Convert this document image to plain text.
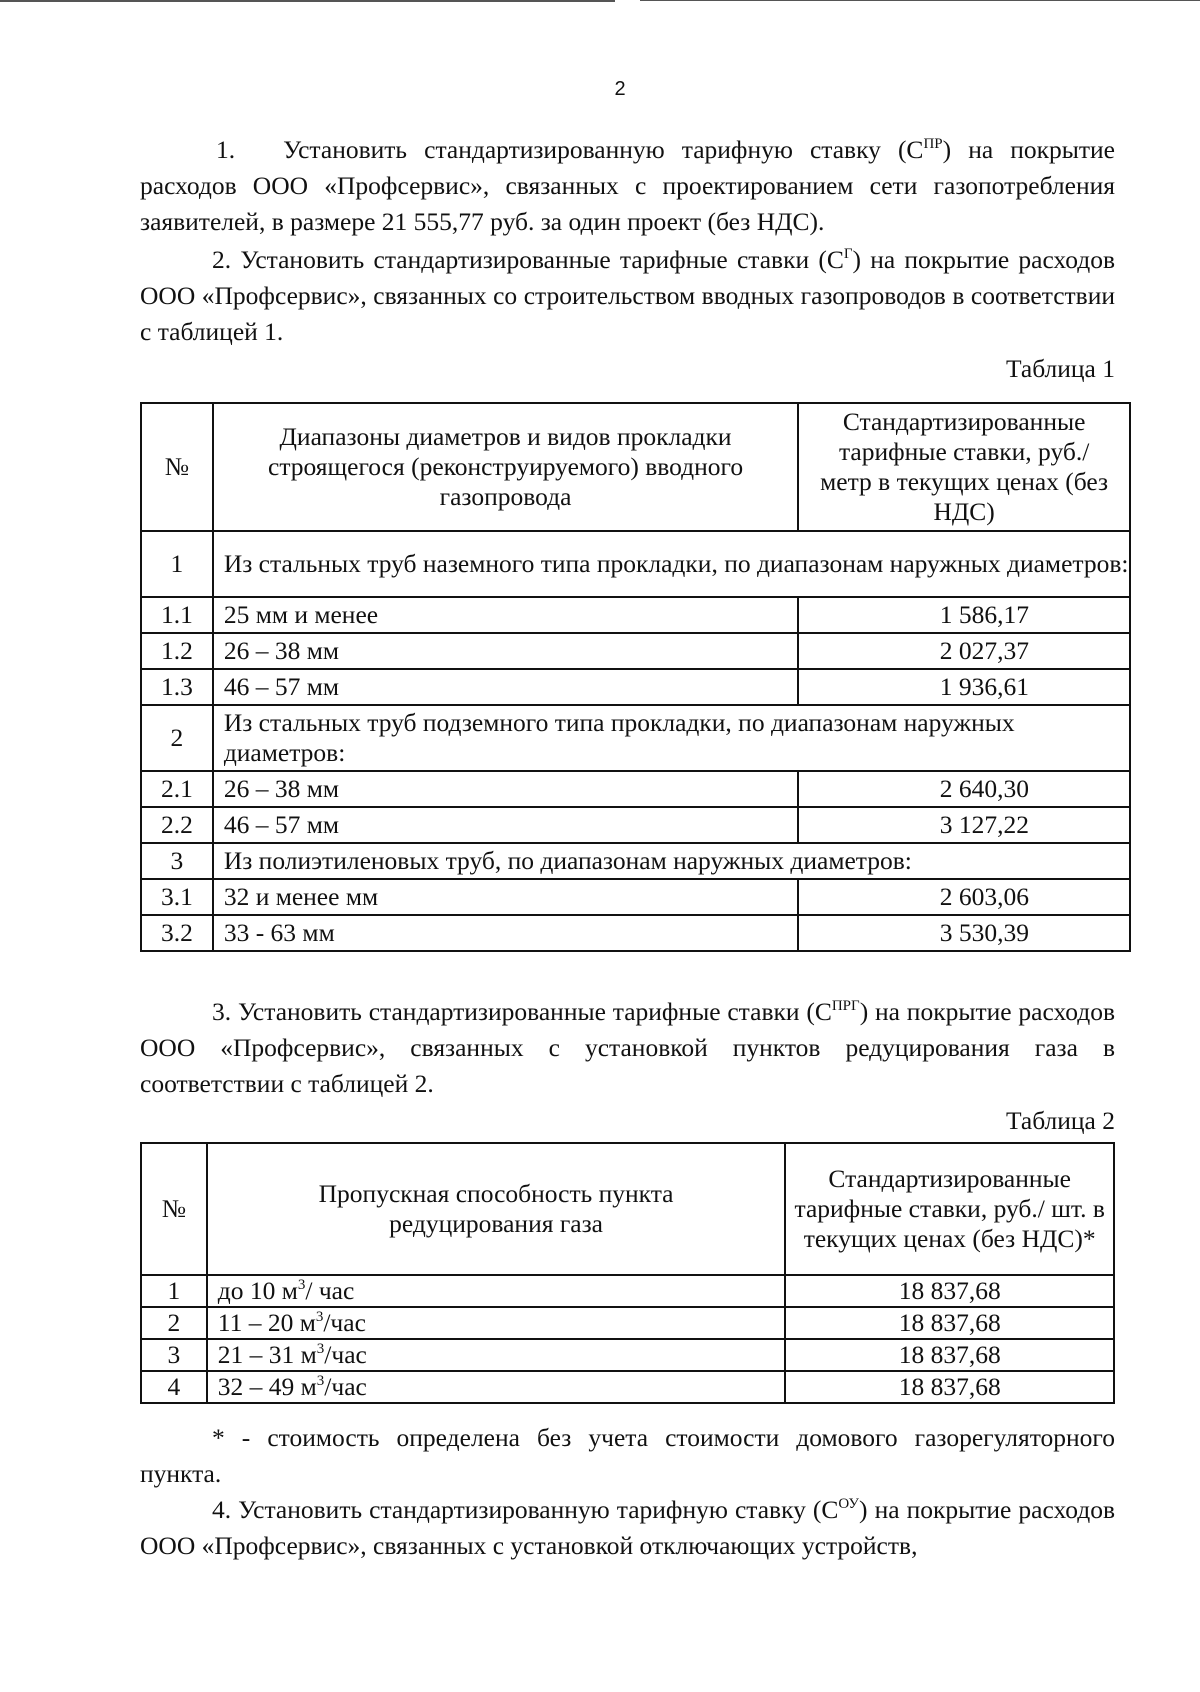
2
1. Установить стандартизированную тарифную ставку $(С^{ПР})$ на покрытие расходов ООО «Профсервис», связанных с проектированием сети газопотребления заявителей, в размере 21 555,77 руб. за один проект (без НДС).
2. Установить стандартизированные тарифные ставки $(С^Г)$ на покрытие расходов ООО «Профсервис», связанных со строительством вводных газопроводов в соответствии с таблицей 1.
Таблица 1
№	Диапазоны диаметров и видов прокладки строящегося (реконструируемого) вводного газопровода	Стандартизированные тарифные ставки, руб./метр в текущих ценах (без НДС)
1	Из стальных труб наземного типа прокладки, по диапазонам наружных диаметров:	
1.1	25 мм и менее	1 586,17
1.2	26 – 38 мм	2 027,37
1.3	46 – 57 мм	1 936,61
2	Из стальных труб подземного типа прокладки, по диапазонам наружных диаметров:	
2.1	26 – 38 мм	2 640,30
2.2	46 – 57 мм	3 127,22
3	Из полиэтиленовых труб, по диапазонам наружных диаметров:	
3.1	32 и менее мм	2 603,06
3.2	33 - 63 мм	3 530,39
3. Установить стандартизированные тарифные ставки $(С^{ПРГ})$ на покрытие расходов ООО «Профсервис», связанных с установкой пунктов редуцирования газа в соответствии с таблицей 2.
Таблица 2
№	Пропускная способность пункта редуцирования газа	Стандартизированные тарифные ставки, руб./ шт. в текущих ценах (без НДС)*
1	до 10 $м^3/$ час	18 837,68
2	11 – 20 $м^3$/час	18 837,68
3	21 – 31 $м^3$/час	18 837,68
4	32 – 49 $м^3$/час	18 837,68
* - стоимость определена без учета стоимости домового газорегуляторного пункта.
4. Установить стандартизированную тарифную ставку $(С^{ОУ})$ на покрытие расходов ООО «Профсервис», связанных с установкой отключающих устройств,
